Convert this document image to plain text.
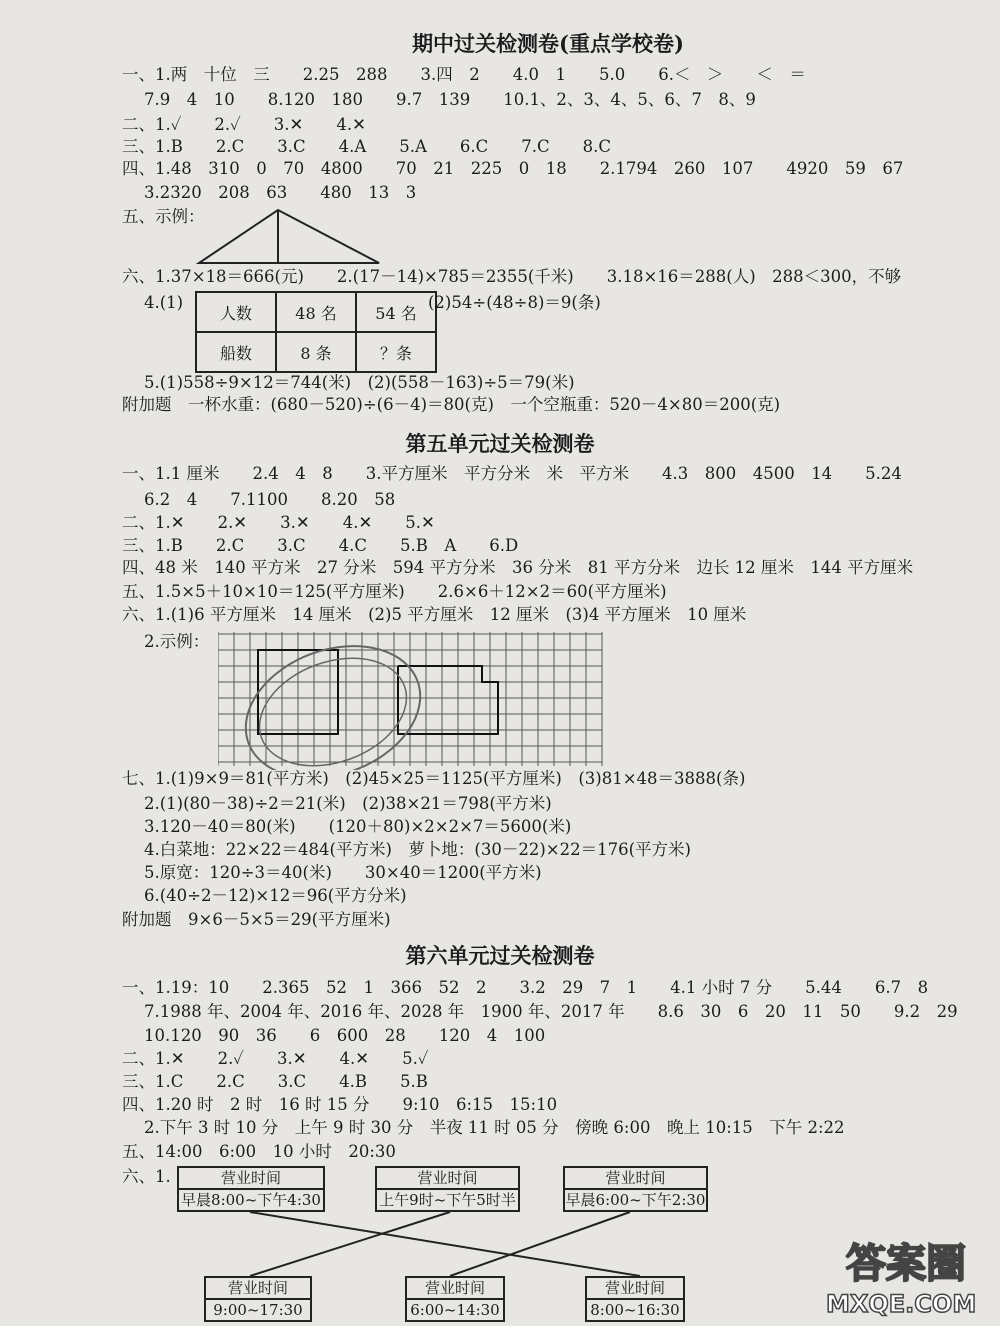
期中过关检测卷(重点学校卷)
一、1.两　十位　三　　2.25　288　　3.四　2　　4.0　1　　5.0　　6.＜　＞　　＜　＝
7.9　4　10　　8.120　180　　9.7　139　　10.1、2、3、4、5、6、7　8、9
二、1.✓　　2.✓　　3.✕　　4.✕
三、1.B　　2.C　　3.C　　4.A　　5.A　　6.C　　7.C　　8.C
四、1.48　310　0　70　4800　　70　21　225　0　18　　2.1794　260　107　　4920　59　67
3.2320　208　63　　480　13　3
五、示例：
六、1.37×18＝666(元)　　2.(17－14)×785＝2355(千米)　　3.18×16＝288(人)　288＜300，不够
4.(1)
人数	48 名	54 名
船数	8 条	？条
(2)54÷(48÷8)＝9(条)
5.(1)558÷9×12＝744(米)　(2)(558－163)÷5＝79(米)
附加题　一杯水重：(680－520)÷(6－4)＝80(克)　一个空瓶重：520－4×80＝200(克)
第五单元过关检测卷
一、1.1 厘米　　2.4　4　8　　3.平方厘米　平方分米　米　平方米　　4.3　800　4500　14　　5.24
6.2　4　　7.1100　　8.20　58
二、1.✕　　2.✕　　3.✕　　4.✕　　5.✕
三、1.B　　2.C　　3.C　　4.C　　5.B　A　　6.D
四、48 米　140 平方米　27 分米　594 平方分米　36 分米　81 平方分米　边长 12 厘米　144 平方厘米
五、1.5×5＋10×10＝125(平方厘米)　　2.6×6＋12×2＝60(平方厘米)
六、1.(1)6 平方厘米　14 厘米　(2)5 平方厘米　12 厘米　(3)4 平方厘米　10 厘米
2.示例：
七、1.(1)9×9＝81(平方米)　(2)45×25＝1125(平方厘米)　(3)81×48＝3888(条)
2.(1)(80－38)÷2＝21(米)　(2)38×21＝798(平方米)
3.120－40＝80(米)　　(120＋80)×2×2×7＝5600(米)
4.白菜地：22×22＝484(平方米)　萝卜地：(30－22)×22＝176(平方米)
5.原宽：120÷3＝40(米)　　30×40＝1200(平方米)
6.(40÷2－12)×12＝96(平方分米)
附加题　9×6－5×5＝29(平方厘米)
第六单元过关检测卷
一、1.19：10　　2.365　52　1　366　52　2　　3.2　29　7　1　　4.1 小时 7 分　　5.44　　6.7　8
7.1988 年、2004 年、2016 年、2028 年　1900 年、2017 年　　8.6　30　6　20　11　50　　9.2　29
10.120　90　36　　6　600　28　　120　4　100
二、1.✕　　2.✓　　3.✕　　4.✕　　5.✓
三、1.C　　2.C　　3.C　　4.B　　5.B
四、1.20 时　2 时　16 时 15 分　　9:10　6:15　15:10
2.下午 3 时 10 分　上午 9 时 30 分　半夜 11 时 05 分　傍晚 6:00　晚上 10:15　下午 2:22
五、14:00　6:00　10 小时　20:30
六、1.	营业时间
早晨8:00~下午4:30
营业时间
上午9时~下午5时半
营业时间
早晨6:00~下午2:30
营业时间
9:00~17:30
营业时间
6:00~14:30
营业时间
8:00~16:30
答案圈
MXQE.COM
